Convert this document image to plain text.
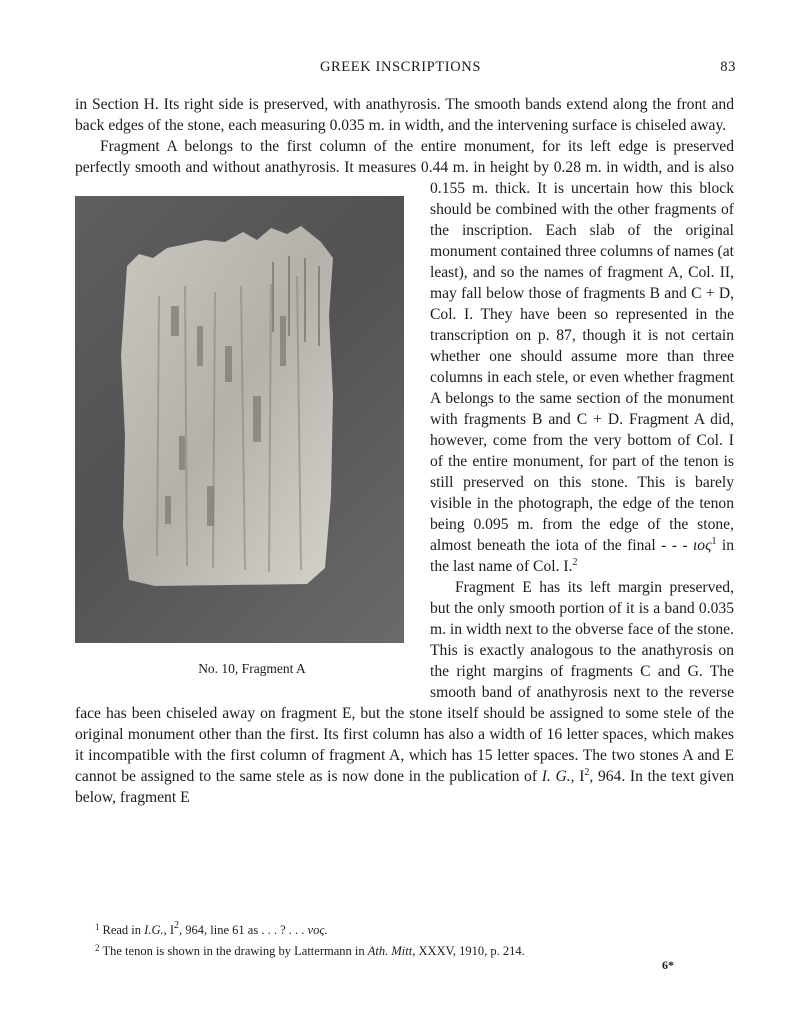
GREEK INSCRIPTIONS	83

in Section H. Its right side is preserved, with anathyrosis. The smooth bands extend along the front and back edges of the stone, each measuring 0.035 m. in width, and the intervening surface is chiseled away.

Fragment A belongs to the first column of the entire monument, for its left edge is preserved perfectly smooth and without anathyrosis. It measures 0.44 m. in height by 0.28 m. in width, and is also 0.155 m. thick.
No. 10, Fragment A
It is uncertain how this block should be combined with the other fragments of the inscription. Each slab of the original monument contained three columns of names (at least), and so the names of fragment A, Col. II, may fall below those of fragments B and C + D, Col. I. They have been so represented in the transcription on p. 87, though it is not certain whether one should assume more than three columns in each stele, or even whether fragment A belongs to the same section of the monument with fragments B and C + D. Fragment A did, however, come from the very bottom of Col. I of the entire monument, for part of the tenon is still preserved on this stone. This is barely visible in the photograph, the edge of the tenon being 0.095 m. from the edge of the stone, almost beneath the iota of the final - - - ιος$^1$ in the last name of Col. I.$^2$

Fragment E has its left margin preserved, but the only smooth portion of it is a band 0.035 m. in width next to the obverse face of the stone. This is exactly analogous to the anathyrosis on the right margins of fragments C and G. The smooth band of anathyrosis next to the reverse face has been chiseled away on fragment E, but the stone itself should be assigned to some stele of the original monument other than the first. Its first column has also a width of 16 letter spaces, which makes it incompatible with the first column of fragment A, which has 15 letter spaces. The two stones A and E cannot be assigned to the same stele as is now done in the publication of I. G., $I^2$, 964. In the text given below, fragment E

$^1$ Read in I.G., $I^2$, 964, line 61 as . . . ? . . . νος.

$^2$ The tenon is shown in the drawing by Lattermann in Ath. Mitt, XXXV, 1910, p. 214.

6*
